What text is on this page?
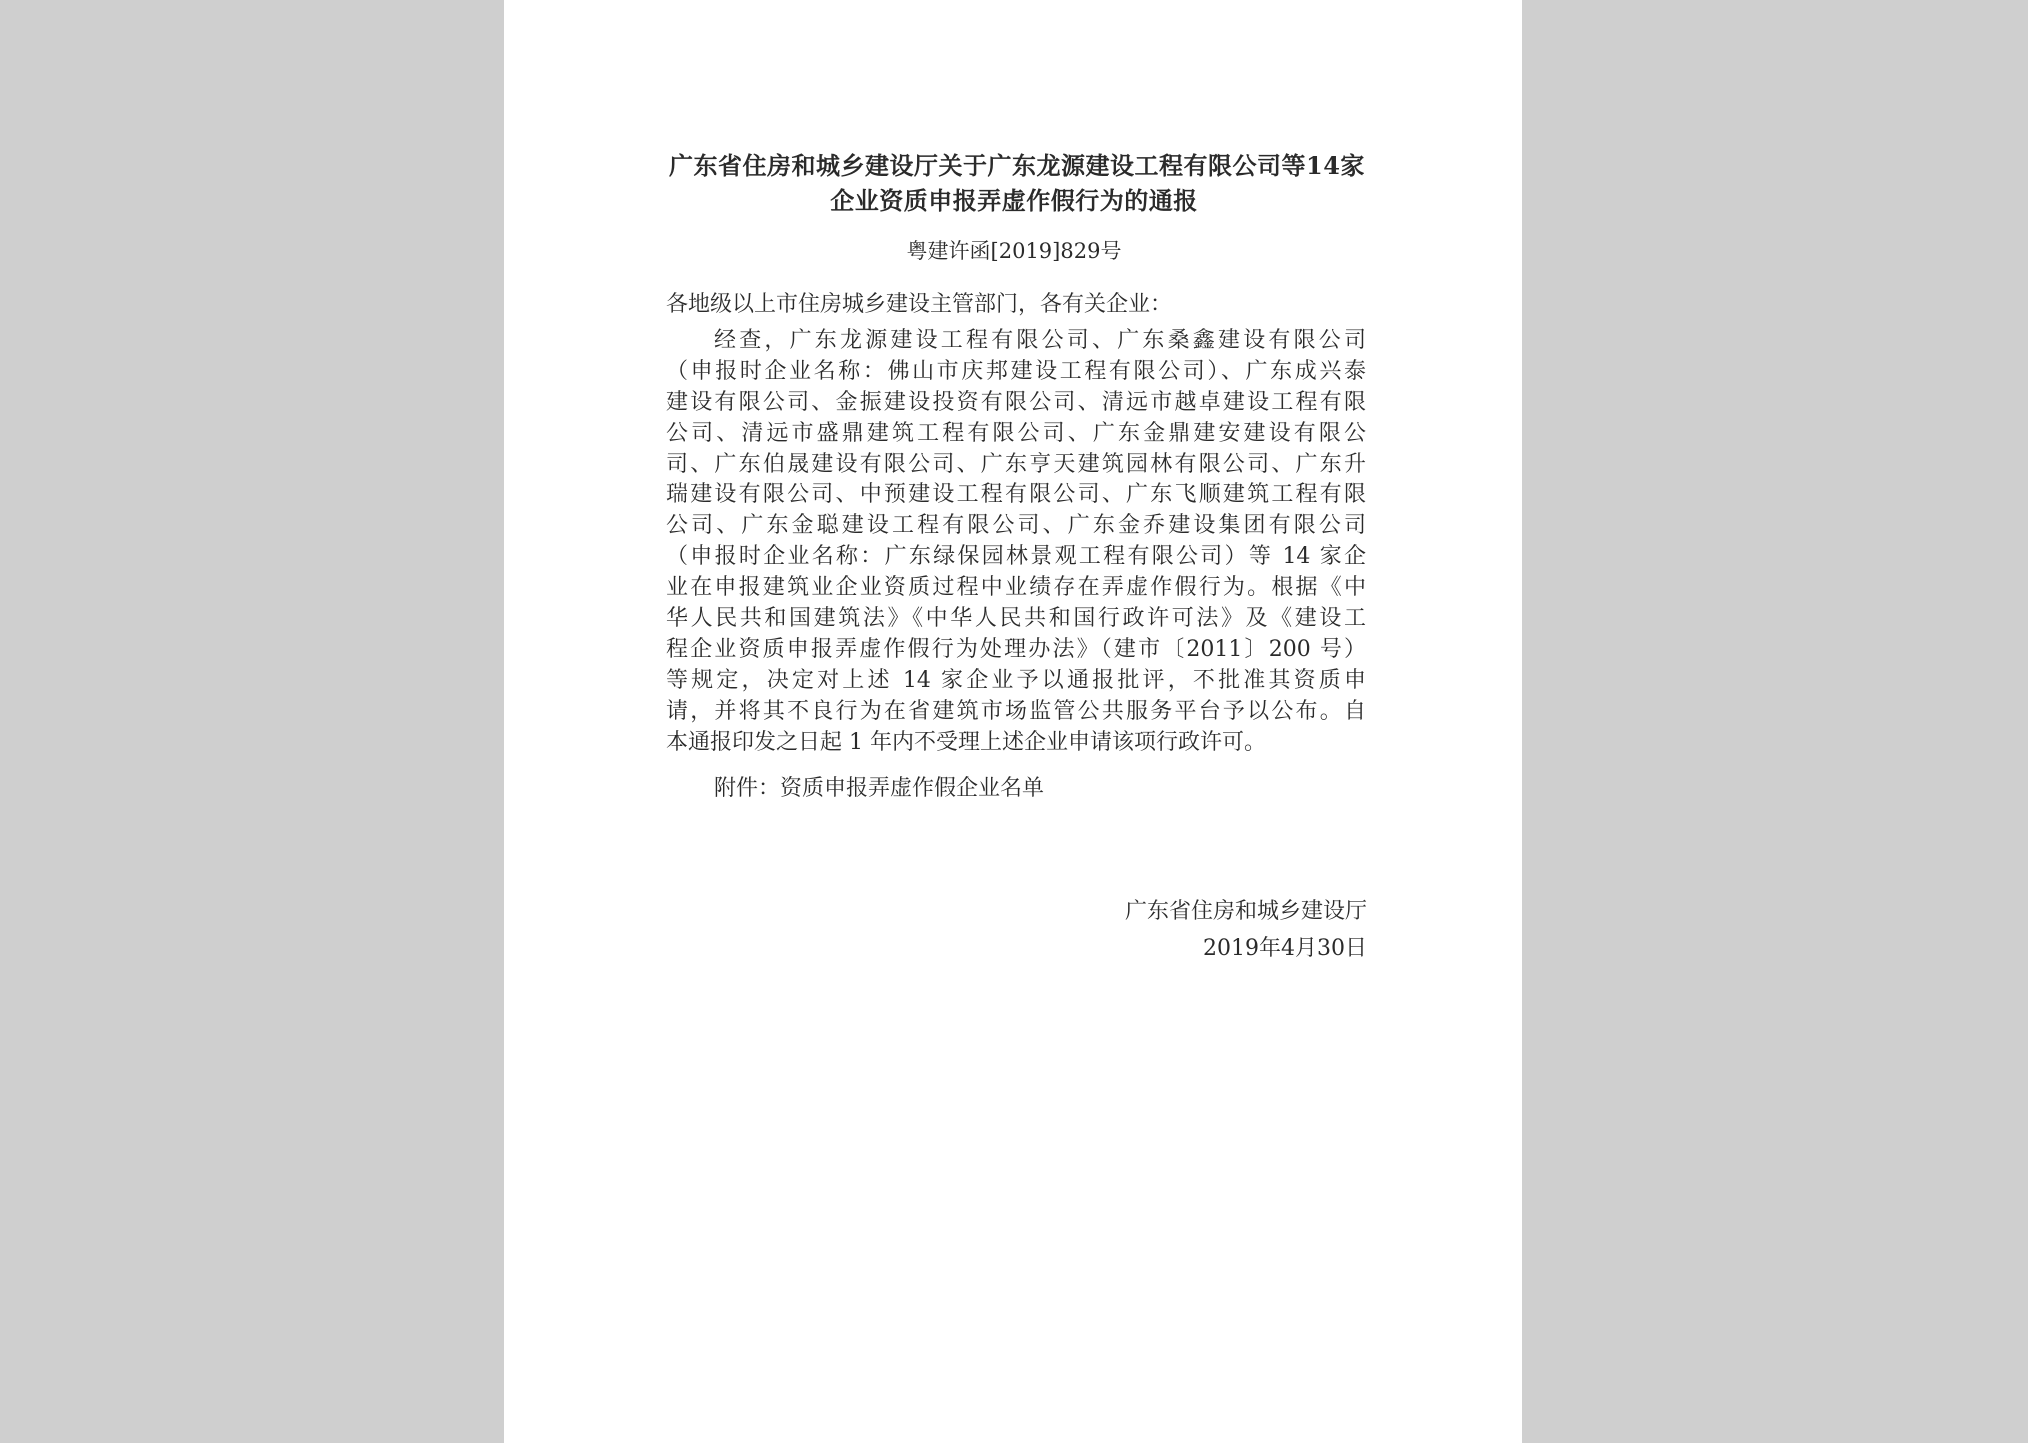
广东省住房和城乡建设厅关于广东龙源建设工程有限公司等14家
企业资质申报弄虚作假行为的通报
粤建许函[2019]829号
各地级以上市住房城乡建设主管部门，各有关企业：
经查，广东龙源建设工程有限公司、广东桑鑫建设有限公司
（申报时企业名称：佛山市庆邦建设工程有限公司）、广东成兴泰
建设有限公司、金振建设投资有限公司、清远市越卓建设工程有限
公司、清远市盛鼎建筑工程有限公司、广东金鼎建安建设有限公
司、广东伯晟建设有限公司、广东亨天建筑园林有限公司、广东升
瑞建设有限公司、中预建设工程有限公司、广东飞顺建筑工程有限
公司、广东金聪建设工程有限公司、广东金乔建设集团有限公司
（申报时企业名称：广东绿保园林景观工程有限公司）等 14 家企
业在申报建筑业企业资质过程中业绩存在弄虚作假行为。根据《中
华人民共和国建筑法》《中华人民共和国行政许可法》及《建设工
程企业资质申报弄虚作假行为处理办法》（建市〔2011〕200 号）
等规定，决定对上述 14 家企业予以通报批评，不批准其资质申
请，并将其不良行为在省建筑市场监管公共服务平台予以公布。自
本通报印发之日起 1 年内不受理上述企业申请该项行政许可。
附件：资质申报弄虚作假企业名单
广东省住房和城乡建设厅
2019年4月30日
